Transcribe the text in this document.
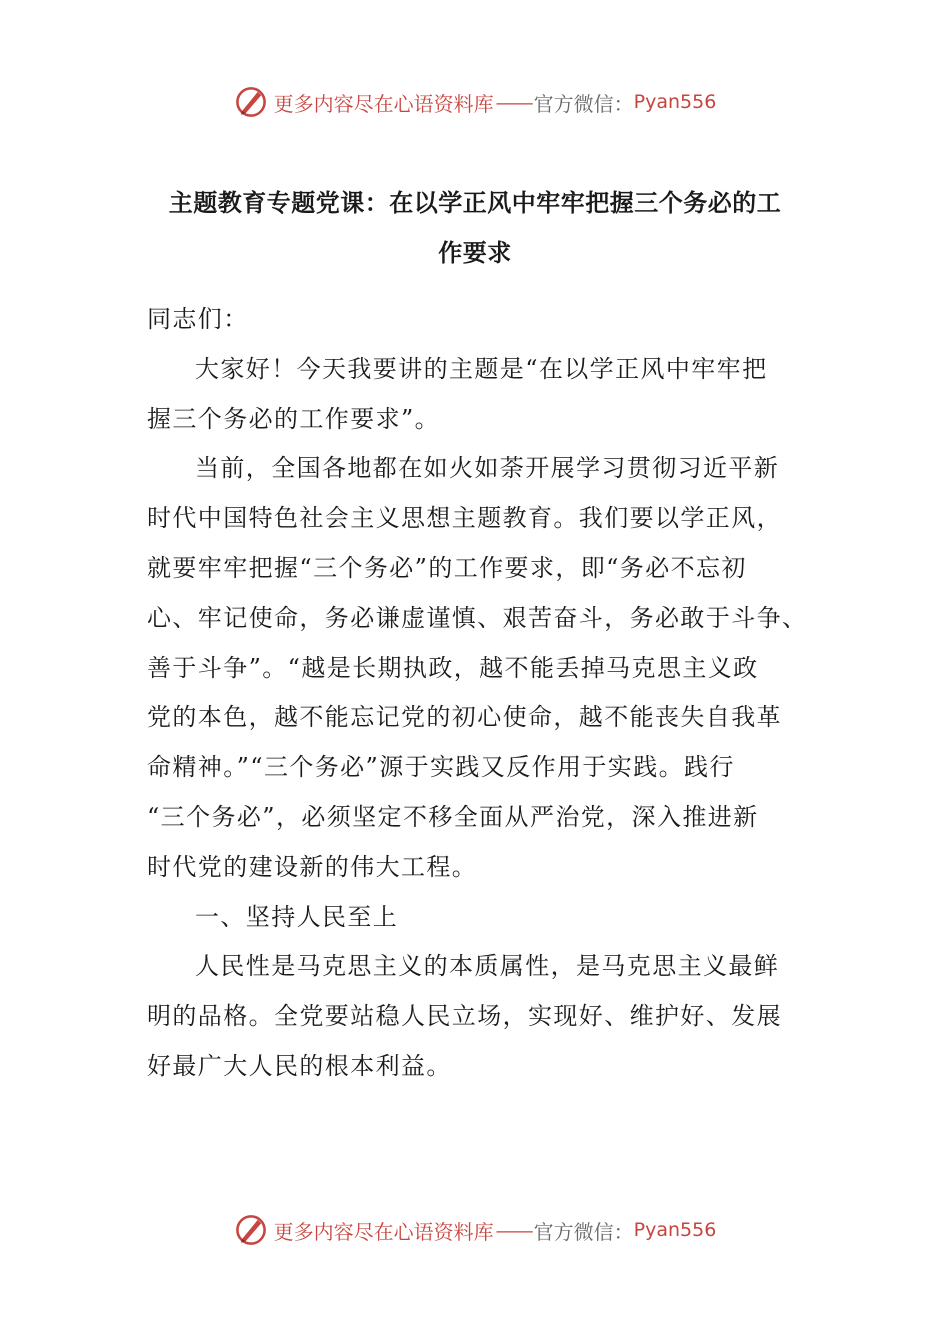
更多内容尽在心语资料库 —— 官方微信： Pyan556
主题教育专题党课：在以学正风中牢牢把握三个务必的工
作要求
同志们：
大家好！今天我要讲的主题是“在以学正风中牢牢把
握三个务必的工作要求”。
当前，全国各地都在如火如荼开展学习贯彻习近平新
时代中国特色社会主义思想主题教育。我们要以学正风，
就要牢牢把握“三个务必”的工作要求，即“务必不忘初
心、牢记使命，务必谦虚谨慎、艰苦奋斗，务必敢于斗争、
善于斗争”。“越是长期执政，越不能丢掉马克思主义政
党的本色，越不能忘记党的初心使命，越不能丧失自我革
命精神。”“三个务必”源于实践又反作用于实践。践行
“三个务必”，必须坚定不移全面从严治党，深入推进新
时代党的建设新的伟大工程。
一、坚持人民至上
人民性是马克思主义的本质属性，是马克思主义最鲜
明的品格。全党要站稳人民立场，实现好、维护好、发展
好最广大人民的根本利益。
更多内容尽在心语资料库 —— 官方微信： Pyan556
